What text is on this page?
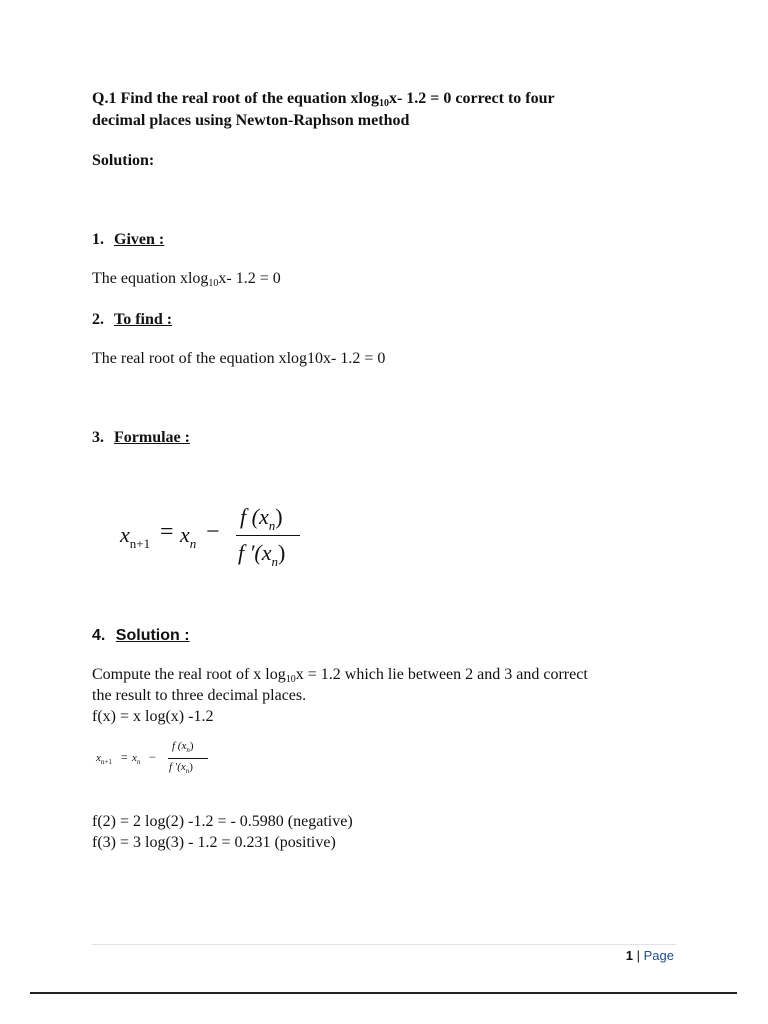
Q.1 Find the real root of the equation xlog10x- 1.2 = 0 correct to four
decimal places using Newton-Raphson method
Solution:
1. Given :
The equation xlog10x- 1.2 = 0
2. To find :
The real root of the equation xlog10x- 1.2 = 0
3. Formulae :
$x_{n+1} = x_n$ −
f $(x_n)$
f $'(x_n)$
4. Solution :
Compute the real root of x log10x = 1.2 which lie between 2 and 3 and correct
the result to three decimal places.
f(x) = x log(x) -1.2
$x_{n+1} = x_n$ −
f $(x_n)$
f $'(x_n)$
f(2) = 2 log(2) -1.2 = - 0.5980 (negative)
f(3) = 3 log(3) - 1.2 = 0.231 (positive)
1 | Page
